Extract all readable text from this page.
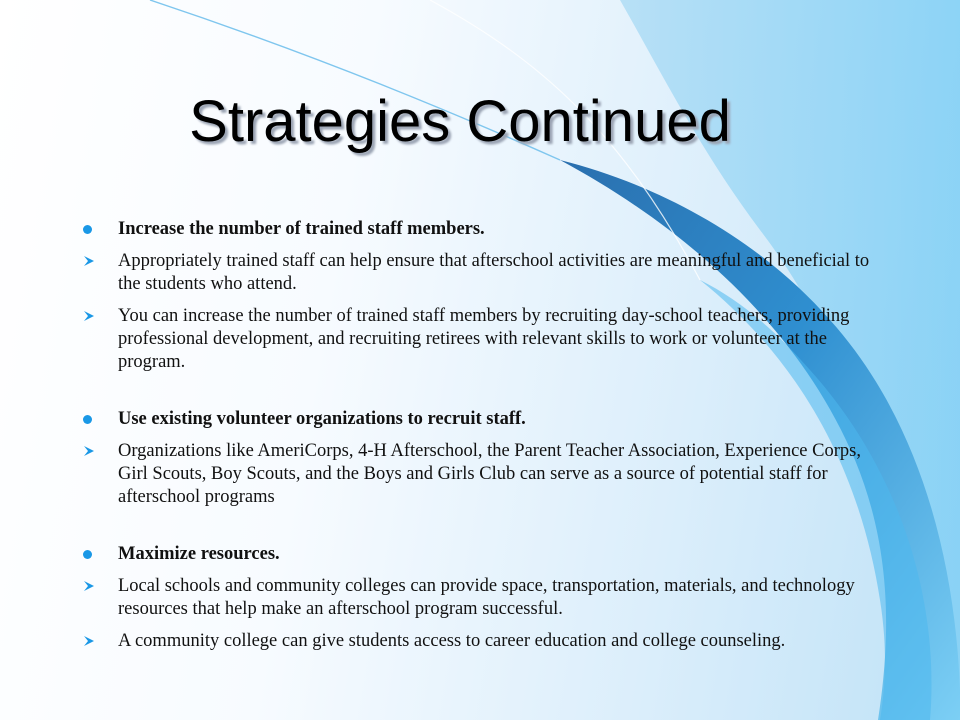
Strategies Continued

Increase the number of trained staff members.

Appropriately trained staff can help ensure that afterschool activities are meaningful and beneficial to the students who attend.

You can increase the number of trained staff members by recruiting day-school teachers, providing professional development, and recruiting retirees with relevant skills to work or volunteer at the program.

Use existing volunteer organizations to recruit staff.

Organizations like AmeriCorps, 4-H Afterschool, the Parent Teacher Association, Experience Corps, Girl Scouts, Boy Scouts, and the Boys and Girls Club can serve as a source of potential staff for afterschool programs

Maximize resources.

Local schools and community colleges can provide space, transportation, materials, and technology resources that help make an afterschool program successful.

A community college can give students access to career education and college counseling.
